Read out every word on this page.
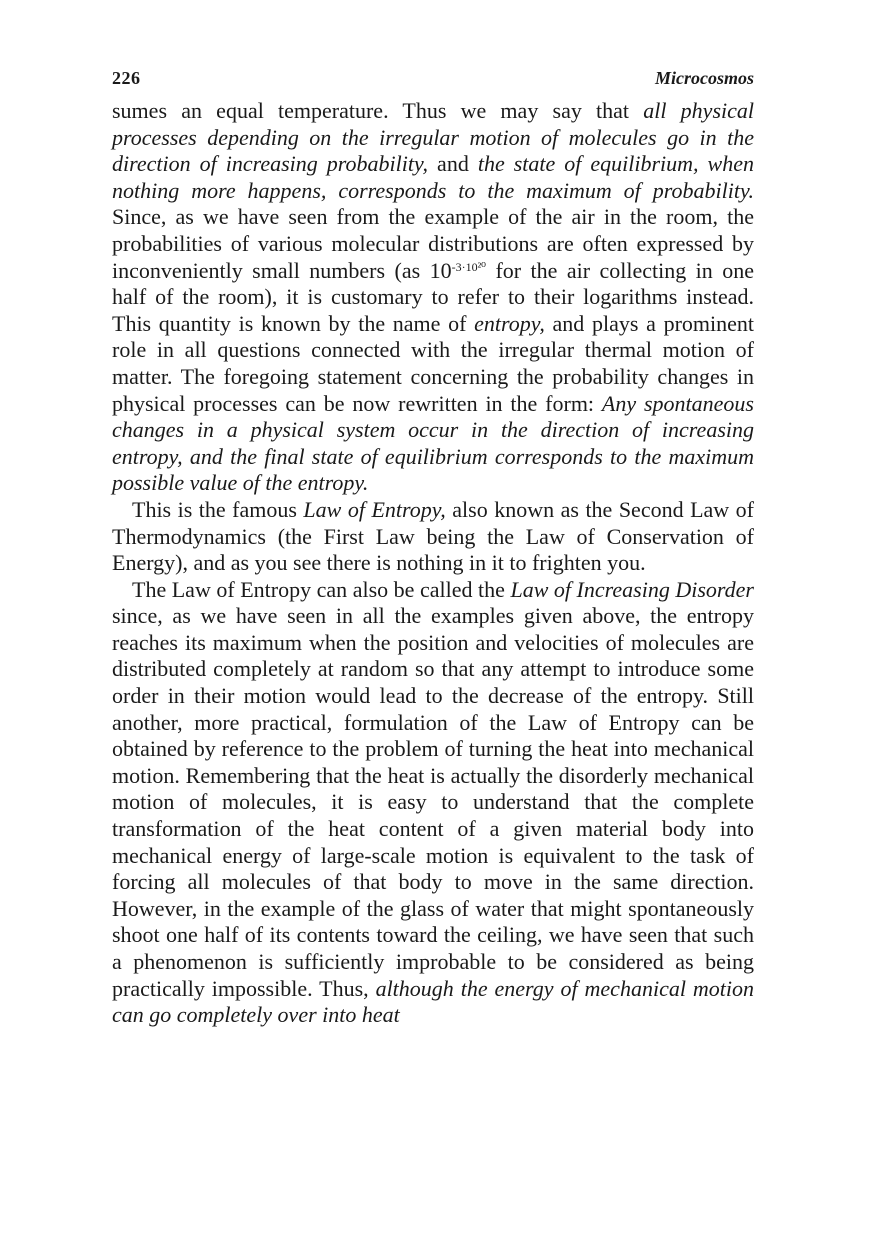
226	Microcosmos

sumes an equal temperature. Thus we may say that all physical processes depending on the irregular motion of molecules go in the direction of increasing probability, and the state of equilibrium, when nothing more happens, corresponds to the maximum of probability. Since, as we have seen from the example of the air in the room, the probabilities of various molecular distributions are often expressed by inconveniently small numbers (as $10^{-3\cdot 10^{20}}$ for the air collecting in one half of the room), it is customary to refer to their logarithms instead. This quantity is known by the name of entropy, and plays a prominent role in all questions connected with the irregular thermal motion of matter. The foregoing statement concerning the probability changes in physical processes can be now rewritten in the form: Any spontaneous changes in a physical system occur in the direction of increasing entropy, and the final state of equilibrium corresponds to the maximum possible value of the entropy.

This is the famous Law of Entropy, also known as the Second Law of Thermodynamics (the First Law being the Law of Conservation of Energy), and as you see there is nothing in it to frighten you.

The Law of Entropy can also be called the Law of Increasing Disorder since, as we have seen in all the examples given above, the entropy reaches its maximum when the position and velocities of molecules are distributed completely at random so that any attempt to introduce some order in their motion would lead to the decrease of the entropy. Still another, more practical, formulation of the Law of Entropy can be obtained by reference to the problem of turning the heat into mechanical motion. Remembering that the heat is actually the disorderly mechanical motion of molecules, it is easy to understand that the complete transformation of the heat content of a given material body into mechanical energy of large-scale motion is equivalent to the task of forcing all molecules of that body to move in the same direction. However, in the example of the glass of water that might spontaneously shoot one half of its contents toward the ceiling, we have seen that such a phenomenon is sufficiently improbable to be considered as being practically impossible. Thus, although the energy of mechanical motion can go completely over into heat
